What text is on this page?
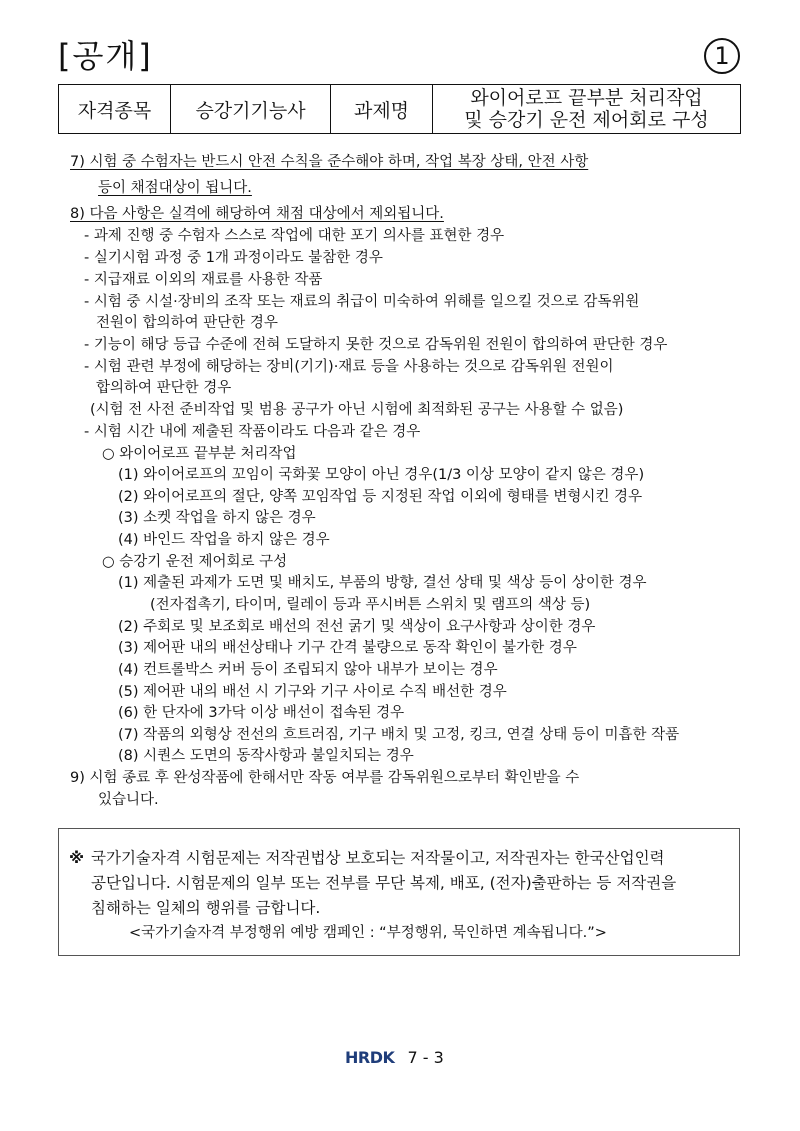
[공개]	1
자격종목	승강기기능사	과제명	
와이어로프 끝부분 처리작업
및 승강기 운전 제어회로 구성
7) 시험 중 수험자는 반드시 안전 수칙을 준수해야 하며, 작업 복장 상태, 안전 사항
등이 채점대상이 됩니다.
8) 다음 사항은 실격에 해당하여 채점 대상에서 제외됩니다.
- 과제 진행 중 수험자 스스로 작업에 대한 포기 의사를 표현한 경우
- 실기시험 과정 중 1개 과정이라도 불참한 경우
- 지급재료 이외의 재료를 사용한 작품
- 시험 중 시설·장비의 조작 또는 재료의 취급이 미숙하여 위해를 일으킬 것으로 감독위원
전원이 합의하여 판단한 경우
- 기능이 해당 등급 수준에 전혀 도달하지 못한 것으로 감독위원 전원이 합의하여 판단한 경우
- 시험 관련 부정에 해당하는 장비(기기)·재료 등을 사용하는 것으로 감독위원 전원이
합의하여 판단한 경우
(시험 전 사전 준비작업 및 범용 공구가 아닌 시험에 최적화된 공구는 사용할 수 없음)
- 시험 시간 내에 제출된 작품이라도 다음과 같은 경우
○ 와이어로프 끝부분 처리작업
(1) 와이어로프의 꼬임이 국화꽃 모양이 아닌 경우(1/3 이상 모양이 같지 않은 경우)
(2) 와이어로프의 절단, 양쪽 꼬임작업 등 지정된 작업 이외에 형태를 변형시킨 경우
(3) 소켓 작업을 하지 않은 경우
(4) 바인드 작업을 하지 않은 경우
○ 승강기 운전 제어회로 구성
(1) 제출된 과제가 도면 및 배치도, 부품의 방향, 결선 상태 및 색상 등이 상이한 경우
(전자접촉기, 타이머, 릴레이 등과 푸시버튼 스위치 및 램프의 색상 등)
(2) 주회로 및 보조회로 배선의 전선 굵기 및 색상이 요구사항과 상이한 경우
(3) 제어판 내의 배선상태나 기구 간격 불량으로 동작 확인이 불가한 경우
(4) 컨트롤박스 커버 등이 조립되지 않아 내부가 보이는 경우
(5) 제어판 내의 배선 시 기구와 기구 사이로 수직 배선한 경우
(6) 한 단자에 3가닥 이상 배선이 접속된 경우
(7) 작품의 외형상 전선의 흐트러짐, 기구 배치 및 고정, 킹크, 연결 상태 등이 미흡한 작품
(8) 시퀀스 도면의 동작사항과 불일치되는 경우
9) 시험 종료 후 완성작품에 한해서만 작동 여부를 감독위원으로부터 확인받을 수
있습니다.
※ 국가기술자격 시험문제는 저작권법상 보호되는 저작물이고, 저작권자는 한국산업인력
공단입니다. 시험문제의 일부 또는 전부를 무단 복제, 배포, (전자)출판하는 등 저작권을
침해하는 일체의 행위를 금합니다.
<국가기술자격 부정행위 예방 캠페인 : “부정행위, 묵인하면 계속됩니다.”>
HRDK 7 - 3
